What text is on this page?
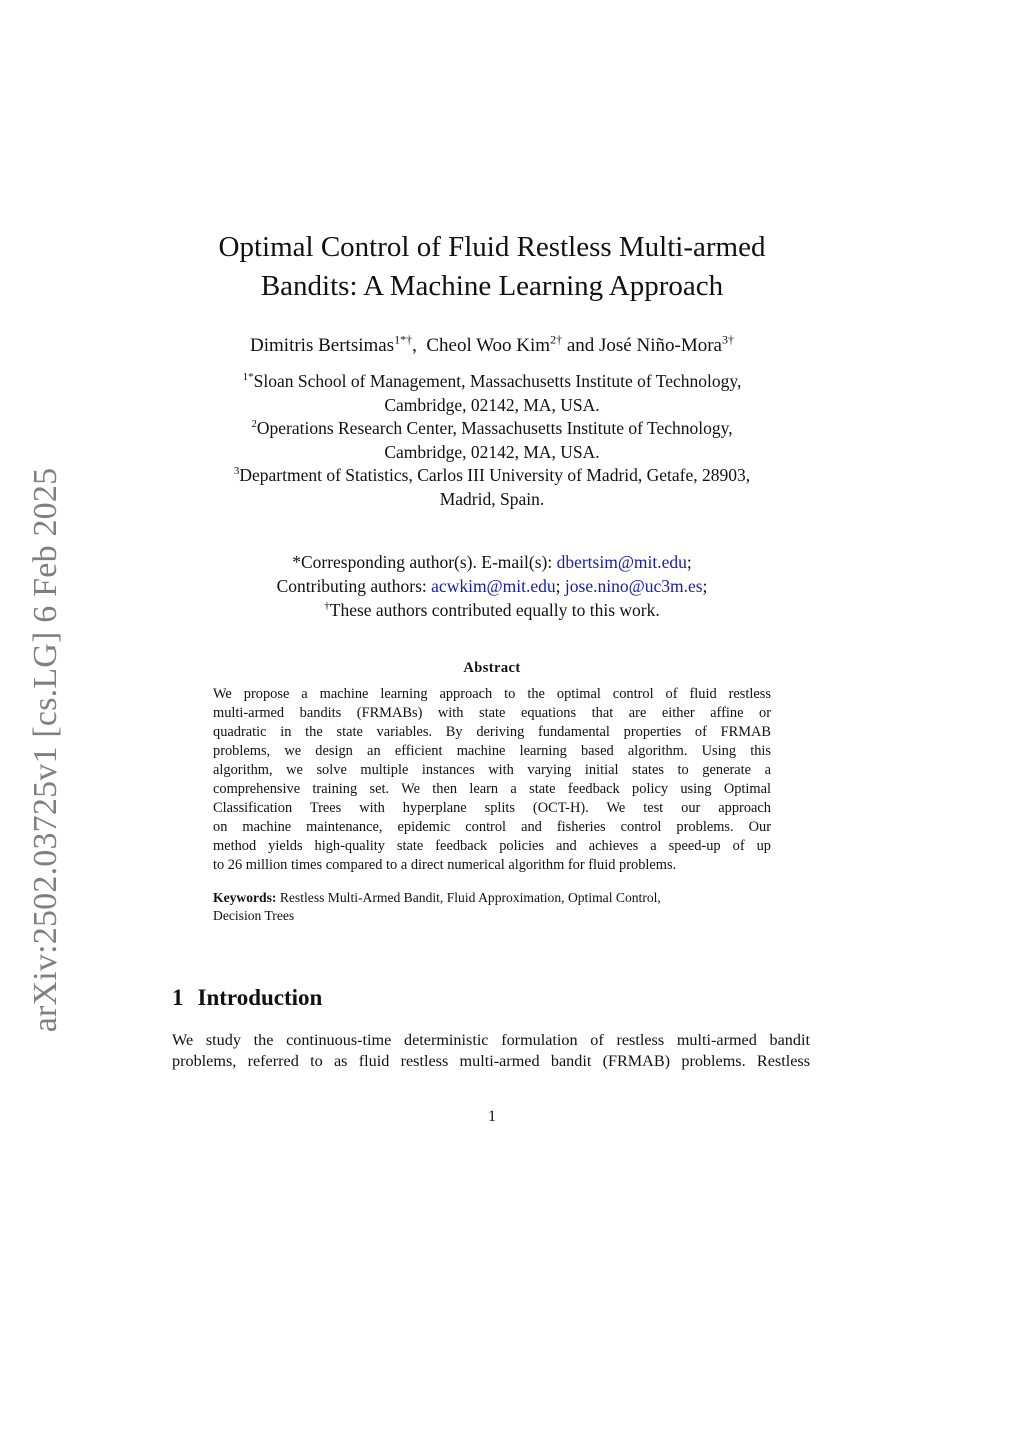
arXiv:2502.03725v1 [cs.LG] 6 Feb 2025
Optimal Control of Fluid Restless Multi-armed
Bandits: A Machine Learning Approach
Dimitris Bertsimas$^{1*\dagger}$,  Cheol Woo Kim$^{2\dagger}$ and José Niño-Mora$^{3\dagger}$
$^{1*}$Sloan School of Management, Massachusetts Institute of Technology,
Cambridge, 02142, MA, USA.
$^2$Operations Research Center, Massachusetts Institute of Technology,
Cambridge, 02142, MA, USA.
$^3$Department of Statistics, Carlos III University of Madrid, Getafe, 28903,
Madrid, Spain.
*Corresponding author(s). E-mail(s): dbertsim@mit.edu;
Contributing authors: acwkim@mit.edu; jose.nino@uc3m.es;
†These authors contributed equally to this work.
Abstract
We propose a machine learning approach to the optimal control of fluid restless
multi-armed bandits (FRMABs) with state equations that are either affine or
quadratic in the state variables. By deriving fundamental properties of FRMAB
problems, we design an efficient machine learning based algorithm. Using this
algorithm, we solve multiple instances with varying initial states to generate a
comprehensive training set. We then learn a state feedback policy using Optimal
Classification Trees with hyperplane splits (OCT-H). We test our approach
on machine maintenance, epidemic control and fisheries control problems. Our
method yields high-quality state feedback policies and achieves a speed-up of up
to 26 million times compared to a direct numerical algorithm for fluid problems.
Keywords: Restless Multi-Armed Bandit, Fluid Approximation, Optimal Control,
Decision Trees
1 Introduction
We study the continuous-time deterministic formulation of restless multi-armed bandit
problems, referred to as fluid restless multi-armed bandit (FRMAB) problems. Restless
1
